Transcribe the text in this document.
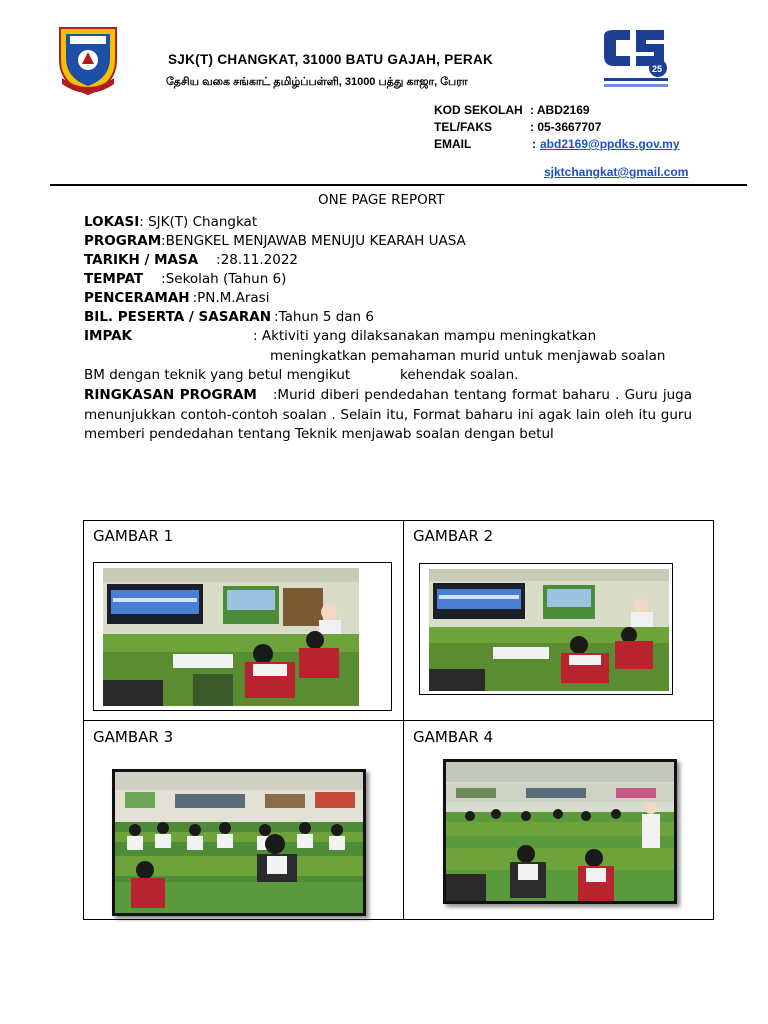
25
SJK(T) CHANGKAT, 31000 BATU GAJAH, PERAK
தேசிய வகை சங்காட் தமிழ்ப்பள்ளி, 31000 பத்து காஜா, பேரா
KOD SEKOLAH : ABD2169
TEL/FAKS	: 05-3667707
EMAIL	: abd2169@ppdks.gov.my
sjktchangkat@gmail.com
ONE PAGE REPORT
LOKASI: SJK(T) Changkat
PROGRAM:BENGKEL MENJAWAB MENUJU KEARAH UASA
TARIKH / MASA :28.11.2022
TEMPAT :Sekolah (Tahun 6)
PENCERAMAH :PN.M.Arasi
BIL. PESERTA / SASARAN :Tahun 5 dan 6
IMPAK	: Aktiviti yang dilaksanakan mampu meningkatkan
meningkatkan pemahaman murid untuk menjawab soalan
BM dengan teknik yang betul mengikut	kehendak soalan.
RINGKASAN PROGRAM :Murid diberi pendedahan tentang format baharu . Guru juga menunjukkan contoh-contoh soalan . Selain itu, Format baharu ini agak lain oleh itu guru memberi pendedahan tentang Teknik menjawab soalan dengan betul
GAMBAR 1	GAMBAR 2
GAMBAR 3	GAMBAR 4
